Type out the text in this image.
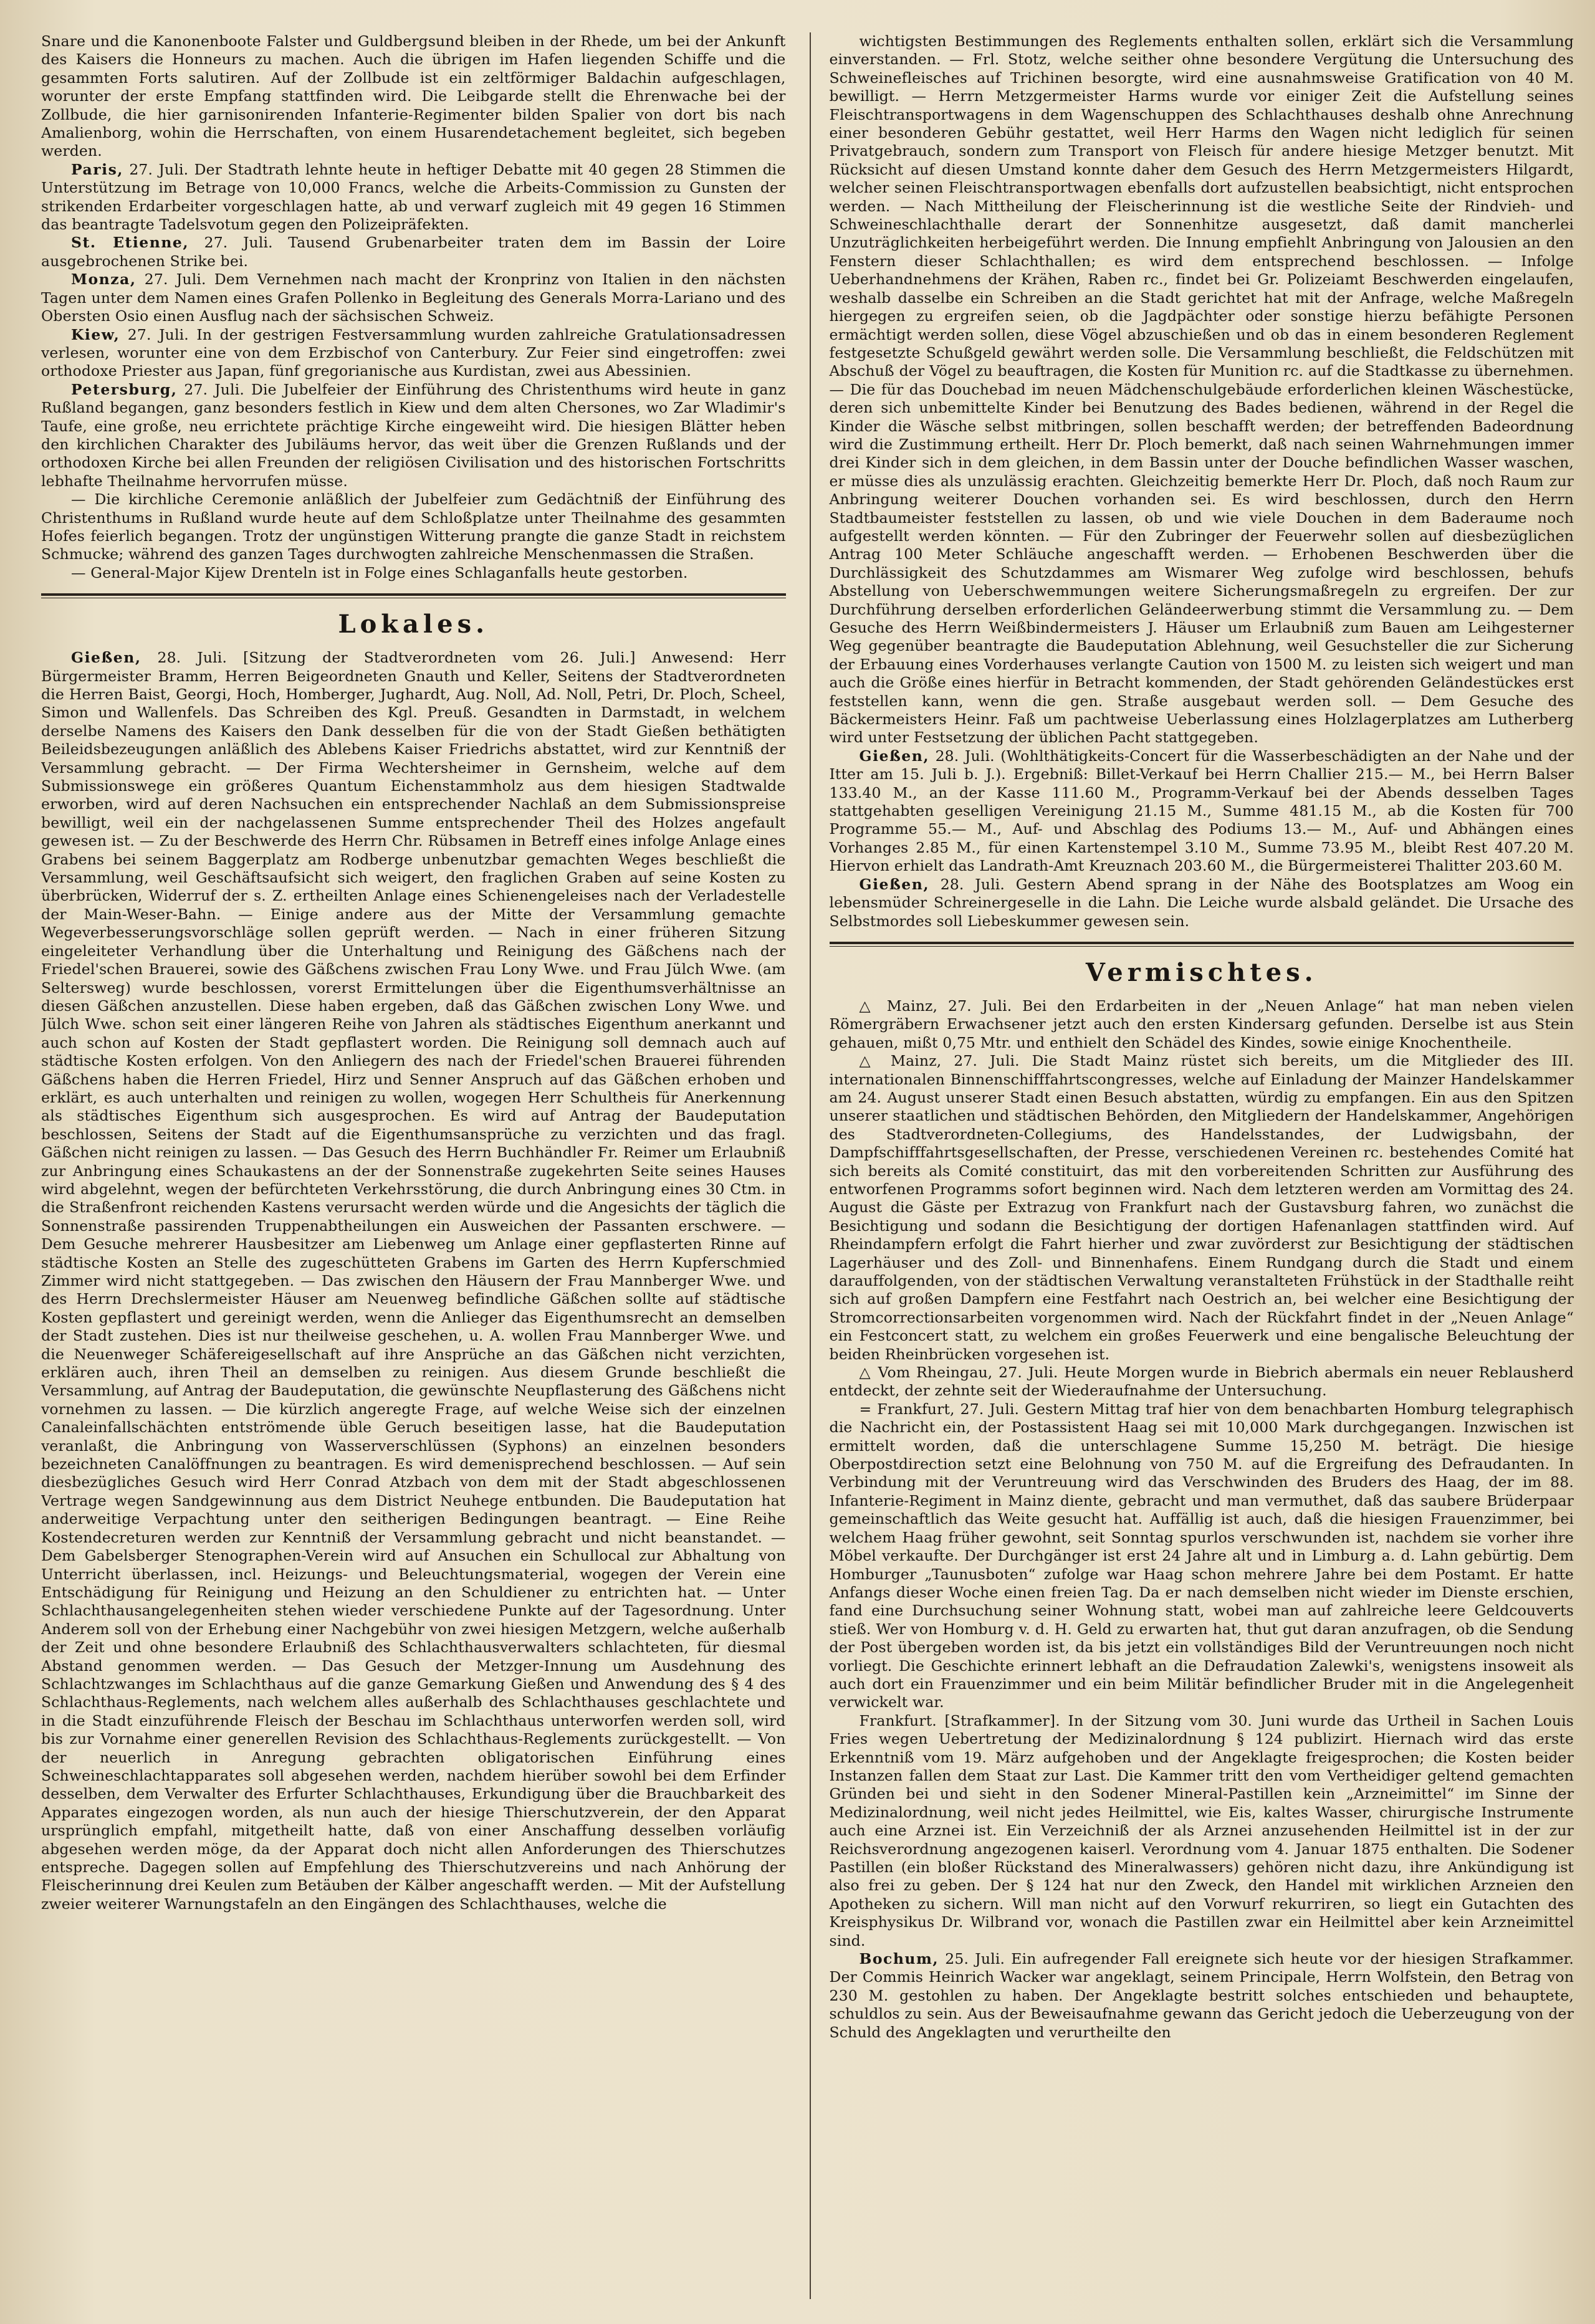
Snare und die Kanonenboote Falster und Guldbergsund bleiben in der Rhede, um bei der Ankunft des Kaisers die Honneurs zu machen. Auch die übrigen im Hafen liegenden Schiffe und die gesammten Forts salutiren. Auf der Zollbude ist ein zeltförmiger Baldachin aufgeschlagen, worunter der erste Empfang stattfinden wird. Die Leibgarde stellt die Ehrenwache bei der Zollbude, die hier garnisonirenden Infanterie-Regimenter bilden Spalier von dort bis nach Amalienborg, wohin die Herrschaften, von einem Husarendetachement begleitet, sich begeben werden.

Paris, 27. Juli. Der Stadtrath lehnte heute in heftiger Debatte mit 40 gegen 28 Stimmen die Unterstützung im Betrage von 10,000 Francs, welche die Arbeits-Commission zu Gunsten der strikenden Erdarbeiter vorgeschlagen hatte, ab und verwarf zugleich mit 49 gegen 16 Stimmen das beantragte Tadelsvotum gegen den Polizeipräfekten.

St. Etienne, 27. Juli. Tausend Grubenarbeiter traten dem im Bassin der Loire ausgebrochenen Strike bei.

Monza, 27. Juli. Dem Vernehmen nach macht der Kronprinz von Italien in den nächsten Tagen unter dem Namen eines Grafen Pollenko in Begleitung des Generals Morra-Lariano und des Obersten Osio einen Ausflug nach der sächsischen Schweiz.

Kiew, 27. Juli. In der gestrigen Festversammlung wurden zahlreiche Gratulationsadressen verlesen, worunter eine von dem Erzbischof von Canterbury. Zur Feier sind eingetroffen: zwei orthodoxe Priester aus Japan, fünf gregorianische aus Kurdistan, zwei aus Abessinien.

Petersburg, 27. Juli. Die Jubelfeier der Einführung des Christenthums wird heute in ganz Rußland begangen, ganz besonders festlich in Kiew und dem alten Chersones, wo Zar Wladimir's Taufe, eine große, neu errichtete prächtige Kirche eingeweiht wird. Die hiesigen Blätter heben den kirchlichen Charakter des Jubiläums hervor, das weit über die Grenzen Rußlands und der orthodoxen Kirche bei allen Freunden der religiösen Civilisation und des historischen Fortschritts lebhafte Theilnahme hervorrufen müsse.

— Die kirchliche Ceremonie anläßlich der Jubelfeier zum Gedächtniß der Einführung des Christenthums in Rußland wurde heute auf dem Schloßplatze unter Theilnahme des gesammten Hofes feierlich begangen. Trotz der ungünstigen Witterung prangte die ganze Stadt in reichstem Schmucke; während des ganzen Tages durchwogten zahlreiche Menschenmassen die Straßen.

— General-Major Kijew Drenteln ist in Folge eines Schlaganfalls heute gestorben.

Lokales.

Gießen, 28. Juli. [Sitzung der Stadtverordneten vom 26. Juli.] Anwesend: Herr Bürgermeister Bramm, Herren Beigeordneten Gnauth und Keller, Seitens der Stadtverordneten die Herren Baist, Georgi, Hoch, Homberger, Jughardt, Aug. Noll, Ad. Noll, Petri, Dr. Ploch, Scheel, Simon und Wallenfels. Das Schreiben des Kgl. Preuß. Gesandten in Darmstadt, in welchem derselbe Namens des Kaisers den Dank desselben für die von der Stadt Gießen bethätigten Beileidsbezeugungen anläßlich des Ablebens Kaiser Friedrichs abstattet, wird zur Kenntniß der Versammlung gebracht. — Der Firma Wechtersheimer in Gernsheim, welche auf dem Submissionswege ein größeres Quantum Eichenstammholz aus dem hiesigen Stadtwalde erworben, wird auf deren Nachsuchen ein entsprechender Nachlaß an dem Submissionspreise bewilligt, weil ein der nachgelassenen Summe entsprechender Theil des Holzes angefault gewesen ist. — Zu der Beschwerde des Herrn Chr. Rübsamen in Betreff eines infolge Anlage eines Grabens bei seinem Baggerplatz am Rodberge unbenutzbar gemachten Weges beschließt die Versammlung, weil Geschäftsaufsicht sich weigert, den fraglichen Graben auf seine Kosten zu überbrücken, Widerruf der s. Z. ertheilten Anlage eines Schienengeleises nach der Verladestelle der Main-Weser-Bahn. — Einige andere aus der Mitte der Versammlung gemachte Wegeverbesserungsvorschläge sollen geprüft werden. — Nach in einer früheren Sitzung eingeleiteter Verhandlung über die Unterhaltung und Reinigung des Gäßchens nach der Friedel'schen Brauerei, sowie des Gäßchens zwischen Frau Lony Wwe. und Frau Jülch Wwe. (am Seltersweg) wurde beschlossen, vorerst Ermittelungen über die Eigenthumsverhältnisse an diesen Gäßchen anzustellen. Diese haben ergeben, daß das Gäßchen zwischen Lony Wwe. und Jülch Wwe. schon seit einer längeren Reihe von Jahren als städtisches Eigenthum anerkannt und auch schon auf Kosten der Stadt gepflastert worden. Die Reinigung soll demnach auch auf städtische Kosten erfolgen. Von den Anliegern des nach der Friedel'schen Brauerei führenden Gäßchens haben die Herren Friedel, Hirz und Senner Anspruch auf das Gäßchen erhoben und erklärt, es auch unterhalten und reinigen zu wollen, wogegen Herr Schultheis für Anerkennung als städtisches Eigenthum sich ausgesprochen. Es wird auf Antrag der Baudeputation beschlossen, Seitens der Stadt auf die Eigenthumsansprüche zu verzichten und das fragl. Gäßchen nicht reinigen zu lassen. — Das Gesuch des Herrn Buchhändler Fr. Reimer um Erlaubniß zur Anbringung eines Schaukastens an der der Sonnenstraße zugekehrten Seite seines Hauses wird abgelehnt, wegen der befürchteten Verkehrsstörung, die durch Anbringung eines 30 Ctm. in die Straßenfront reichenden Kastens verursacht werden würde und die Angesichts der täglich die Sonnenstraße passirenden Truppenabtheilungen ein Ausweichen der Passanten erschwere. — Dem Gesuche mehrerer Hausbesitzer am Liebenweg um Anlage einer gepflasterten Rinne auf städtische Kosten an Stelle des zugeschütteten Grabens im Garten des Herrn Kupferschmied Zimmer wird nicht stattgegeben. — Das zwischen den Häusern der Frau Mannberger Wwe. und des Herrn Drechslermeister Häuser am Neuenweg befindliche Gäßchen sollte auf städtische Kosten gepflastert und gereinigt werden, wenn die Anlieger das Eigenthumsrecht an demselben der Stadt zustehen. Dies ist nur theilweise geschehen, u. A. wollen Frau Mannberger Wwe. und die Neuenweger Schäfereigesellschaft auf ihre Ansprüche an das Gäßchen nicht verzichten, erklären auch, ihren Theil an demselben zu reinigen. Aus diesem Grunde beschließt die Versammlung, auf Antrag der Baudeputation, die gewünschte Neupflasterung des Gäßchens nicht vornehmen zu lassen. — Die kürzlich angeregte Frage, auf welche Weise sich der einzelnen Canaleinfallschächten entströmende üble Geruch beseitigen lasse, hat die Baudeputation veranlaßt, die Anbringung von Wasserverschlüssen (Syphons) an einzelnen besonders bezeichneten Canalöffnungen zu beantragen. Es wird demenisprechend beschlossen. — Auf sein diesbezügliches Gesuch wird Herr Conrad Atzbach von dem mit der Stadt abgeschlossenen Vertrage wegen Sandgewinnung aus dem District Neuhege entbunden. Die Baudeputation hat anderweitige Verpachtung unter den seitherigen Bedingungen beantragt. — Eine Reihe Kostendecreturen werden zur Kenntniß der Versammlung gebracht und nicht beanstandet. — Dem Gabelsberger Stenographen-Verein wird auf Ansuchen ein Schullocal zur Abhaltung von Unterricht überlassen, incl. Heizungs- und Beleuchtungsmaterial, wogegen der Verein eine Entschädigung für Reinigung und Heizung an den Schuldiener zu entrichten hat. — Unter Schlachthausangelegenheiten stehen wieder verschiedene Punkte auf der Tagesordnung. Unter Anderem soll von der Erhebung einer Nachgebühr von zwei hiesigen Metzgern, welche außerhalb der Zeit und ohne besondere Erlaubniß des Schlachthausverwalters schlachteten, für diesmal Abstand genommen werden. — Das Gesuch der Metzger-Innung um Ausdehnung des Schlachtzwanges im Schlachthaus auf die ganze Gemarkung Gießen und Anwendung des § 4 des Schlachthaus-Reglements, nach welchem alles außerhalb des Schlachthauses geschlachtete und in die Stadt einzuführende Fleisch der Beschau im Schlachthaus unterworfen werden soll, wird bis zur Vornahme einer generellen Revision des Schlachthaus-Reglements zurückgestellt. — Von der neuerlich in Anregung gebrachten obligatorischen Einführung eines Schweineschlachtapparates soll abgesehen werden, nachdem hierüber sowohl bei dem Erfinder desselben, dem Verwalter des Erfurter Schlachthauses, Erkundigung über die Brauchbarkeit des Apparates eingezogen worden, als nun auch der hiesige Thierschutzverein, der den Apparat ursprünglich empfahl, mitgetheilt hatte, daß von einer Anschaffung desselben vorläufig abgesehen werden möge, da der Apparat doch nicht allen Anforderungen des Thierschutzes entspreche. Dagegen sollen auf Empfehlung des Thierschutzvereins und nach Anhörung der Fleischerinnung drei Keulen zum Betäuben der Kälber angeschafft werden. — Mit der Aufstellung zweier weiterer Warnungstafeln an den Eingängen des Schlachthauses, welche die

wichtigsten Bestimmungen des Reglements enthalten sollen, erklärt sich die Versammlung einverstanden. — Frl. Stotz, welche seither ohne besondere Vergütung die Untersuchung des Schweinefleisches auf Trichinen besorgte, wird eine ausnahmsweise Gratification von 40 M. bewilligt. — Herrn Metzgermeister Harms wurde vor einiger Zeit die Aufstellung seines Fleischtransportwagens in dem Wagenschuppen des Schlachthauses deshalb ohne Anrechnung einer besonderen Gebühr gestattet, weil Herr Harms den Wagen nicht lediglich für seinen Privatgebrauch, sondern zum Transport von Fleisch für andere hiesige Metzger benutzt. Mit Rücksicht auf diesen Umstand konnte daher dem Gesuch des Herrn Metzgermeisters Hilgardt, welcher seinen Fleischtransportwagen ebenfalls dort aufzustellen beabsichtigt, nicht entsprochen werden. — Nach Mittheilung der Fleischerinnung ist die westliche Seite der Rindvieh- und Schweineschlachthalle derart der Sonnenhitze ausgesetzt, daß damit mancherlei Unzuträglichkeiten herbeigeführt werden. Die Innung empfiehlt Anbringung von Jalousien an den Fenstern dieser Schlachthallen; es wird dem entsprechend beschlossen. — Infolge Ueberhandnehmens der Krähen, Raben rc., findet bei Gr. Polizeiamt Beschwerden eingelaufen, weshalb dasselbe ein Schreiben an die Stadt gerichtet hat mit der Anfrage, welche Maßregeln hiergegen zu ergreifen seien, ob die Jagdpächter oder sonstige hierzu befähigte Personen ermächtigt werden sollen, diese Vögel abzuschießen und ob das in einem besonderen Reglement festgesetzte Schußgeld gewährt werden solle. Die Versammlung beschließt, die Feldschützen mit Abschuß der Vögel zu beauftragen, die Kosten für Munition rc. auf die Stadtkasse zu übernehmen. — Die für das Douchebad im neuen Mädchenschulgebäude erforderlichen kleinen Wäschestücke, deren sich unbemittelte Kinder bei Benutzung des Bades bedienen, während in der Regel die Kinder die Wäsche selbst mitbringen, sollen beschafft werden; der betreffenden Badeordnung wird die Zustimmung ertheilt. Herr Dr. Ploch bemerkt, daß nach seinen Wahrnehmungen immer drei Kinder sich in dem gleichen, in dem Bassin unter der Douche befindlichen Wasser waschen, er müsse dies als unzulässig erachten. Gleichzeitig bemerkte Herr Dr. Ploch, daß noch Raum zur Anbringung weiterer Douchen vorhanden sei. Es wird beschlossen, durch den Herrn Stadtbaumeister feststellen zu lassen, ob und wie viele Douchen in dem Baderaume noch aufgestellt werden könnten. — Für den Zubringer der Feuerwehr sollen auf diesbezüglichen Antrag 100 Meter Schläuche angeschafft werden. — Erhobenen Beschwerden über die Durchlässigkeit des Schutzdammes am Wismarer Weg zufolge wird beschlossen, behufs Abstellung von Ueberschwemmungen weitere Sicherungsmaßregeln zu ergreifen. Der zur Durchführung derselben erforderlichen Geländeerwerbung stimmt die Versammlung zu. — Dem Gesuche des Herrn Weißbindermeisters J. Häuser um Erlaubniß zum Bauen am Leihgesterner Weg gegenüber beantragte die Baudeputation Ablehnung, weil Gesuchsteller die zur Sicherung der Erbauung eines Vorderhauses verlangte Caution von 1500 M. zu leisten sich weigert und man auch die Größe eines hierfür in Betracht kommenden, der Stadt gehörenden Geländestückes erst feststellen kann, wenn die gen. Straße ausgebaut werden soll. — Dem Gesuche des Bäckermeisters Heinr. Faß um pachtweise Ueberlassung eines Holzlagerplatzes am Lutherberg wird unter Festsetzung der üblichen Pacht stattgegeben.

Gießen, 28. Juli. (Wohlthätigkeits-Concert für die Wasserbeschädigten an der Nahe und der Itter am 15. Juli b. J.). Ergebniß: Billet-Verkauf bei Herrn Challier 215.— M., bei Herrn Balser 133.40 M., an der Kasse 111.60 M., Programm-Verkauf bei der Abends desselben Tages stattgehabten geselligen Vereinigung 21.15 M., Summe 481.15 M., ab die Kosten für 700 Programme 55.— M., Auf- und Abschlag des Podiums 13.— M., Auf- und Abhängen eines Vorhanges 2.85 M., für einen Kartenstempel 3.10 M., Summe 73.95 M., bleibt Rest 407.20 M. Hiervon erhielt das Landrath-Amt Kreuznach 203.60 M., die Bürgermeisterei Thalitter 203.60 M.

Gießen, 28. Juli. Gestern Abend sprang in der Nähe des Bootsplatzes am Woog ein lebensmüder Schreinergeselle in die Lahn. Die Leiche wurde alsbald geländet. Die Ursache des Selbstmordes soll Liebeskummer gewesen sein.

Vermischtes.

△ Mainz, 27. Juli. Bei den Erdarbeiten in der „Neuen Anlage“ hat man neben vielen Römergräbern Erwachsener jetzt auch den ersten Kindersarg gefunden. Derselbe ist aus Stein gehauen, mißt 0,75 Mtr. und enthielt den Schädel des Kindes, sowie einige Knochentheile.

△ Mainz, 27. Juli. Die Stadt Mainz rüstet sich bereits, um die Mitglieder des III. internationalen Binnenschifffahrtscongresses, welche auf Einladung der Mainzer Handelskammer am 24. August unserer Stadt einen Besuch abstatten, würdig zu empfangen. Ein aus den Spitzen unserer staatlichen und städtischen Behörden, den Mitgliedern der Handelskammer, Angehörigen des Stadtverordneten-Collegiums, des Handelsstandes, der Ludwigsbahn, der Dampfschifffahrtsgesellschaften, der Presse, verschiedenen Vereinen rc. bestehendes Comité hat sich bereits als Comité constituirt, das mit den vorbereitenden Schritten zur Ausführung des entworfenen Programms sofort beginnen wird. Nach dem letzteren werden am Vormittag des 24. August die Gäste per Extrazug von Frankfurt nach der Gustavsburg fahren, wo zunächst die Besichtigung und sodann die Besichtigung der dortigen Hafenanlagen stattfinden wird. Auf Rheindampfern erfolgt die Fahrt hierher und zwar zuvörderst zur Besichtigung der städtischen Lagerhäuser und des Zoll- und Binnenhafens. Einem Rundgang durch die Stadt und einem darauffolgenden, von der städtischen Verwaltung veranstalteten Frühstück in der Stadthalle reiht sich auf großen Dampfern eine Festfahrt nach Oestrich an, bei welcher eine Besichtigung der Stromcorrectionsarbeiten vorgenommen wird. Nach der Rückfahrt findet in der „Neuen Anlage“ ein Festconcert statt, zu welchem ein großes Feuerwerk und eine bengalische Beleuchtung der beiden Rheinbrücken vorgesehen ist.

△ Vom Rheingau, 27. Juli. Heute Morgen wurde in Biebrich abermals ein neuer Reblausherd entdeckt, der zehnte seit der Wiederaufnahme der Untersuchung.

= Frankfurt, 27. Juli. Gestern Mittag traf hier von dem benachbarten Homburg telegraphisch die Nachricht ein, der Postassistent Haag sei mit 10,000 Mark durchgegangen. Inzwischen ist ermittelt worden, daß die unterschlagene Summe 15,250 M. beträgt. Die hiesige Oberpostdirection setzt eine Belohnung von 750 M. auf die Ergreifung des Defraudanten. In Verbindung mit der Veruntreuung wird das Verschwinden des Bruders des Haag, der im 88. Infanterie-Regiment in Mainz diente, gebracht und man vermuthet, daß das saubere Brüderpaar gemeinschaftlich das Weite gesucht hat. Auffällig ist auch, daß die hiesigen Frauenzimmer, bei welchem Haag früher gewohnt, seit Sonntag spurlos verschwunden ist, nachdem sie vorher ihre Möbel verkaufte. Der Durchgänger ist erst 24 Jahre alt und in Limburg a. d. Lahn gebürtig. Dem Homburger „Taunusboten“ zufolge war Haag schon mehrere Jahre bei dem Postamt. Er hatte Anfangs dieser Woche einen freien Tag. Da er nach demselben nicht wieder im Dienste erschien, fand eine Durchsuchung seiner Wohnung statt, wobei man auf zahlreiche leere Geldcouverts stieß. Wer von Homburg v. d. H. Geld zu erwarten hat, thut gut daran anzufragen, ob die Sendung der Post übergeben worden ist, da bis jetzt ein vollständiges Bild der Veruntreuungen noch nicht vorliegt. Die Geschichte erinnert lebhaft an die Defraudation Zalewki's, wenigstens insoweit als auch dort ein Frauenzimmer und ein beim Militär befindlicher Bruder mit in die Angelegenheit verwickelt war.

Frankfurt. [Strafkammer]. In der Sitzung vom 30. Juni wurde das Urtheil in Sachen Louis Fries wegen Uebertretung der Medizinalordnung § 124 publizirt. Hiernach wird das erste Erkenntniß vom 19. März aufgehoben und der Angeklagte freigesprochen; die Kosten beider Instanzen fallen dem Staat zur Last. Die Kammer tritt den vom Vertheidiger geltend gemachten Gründen bei und sieht in den Sodener Mineral-Pastillen kein „Arzneimittel“ im Sinne der Medizinalordnung, weil nicht jedes Heilmittel, wie Eis, kaltes Wasser, chirurgische Instrumente auch eine Arznei ist. Ein Verzeichniß der als Arznei anzusehenden Heilmittel ist in der zur Reichsverordnung angezogenen kaiserl. Verordnung vom 4. Januar 1875 enthalten. Die Sodener Pastillen (ein bloßer Rückstand des Mineralwassers) gehören nicht dazu, ihre Ankündigung ist also frei zu geben. Der § 124 hat nur den Zweck, den Handel mit wirklichen Arzneien den Apotheken zu sichern. Will man nicht auf den Vorwurf rekurriren, so liegt ein Gutachten des Kreisphysikus Dr. Wilbrand vor, wonach die Pastillen zwar ein Heilmittel aber kein Arzneimittel sind.

Bochum, 25. Juli. Ein aufregender Fall ereignete sich heute vor der hiesigen Strafkammer. Der Commis Heinrich Wacker war angeklagt, seinem Principale, Herrn Wolfstein, den Betrag von 230 M. gestohlen zu haben. Der Angeklagte bestritt solches entschieden und behauptete, schuldlos zu sein. Aus der Beweisaufnahme gewann das Gericht jedoch die Ueberzeugung von der Schuld des Angeklagten und verurtheilte den
